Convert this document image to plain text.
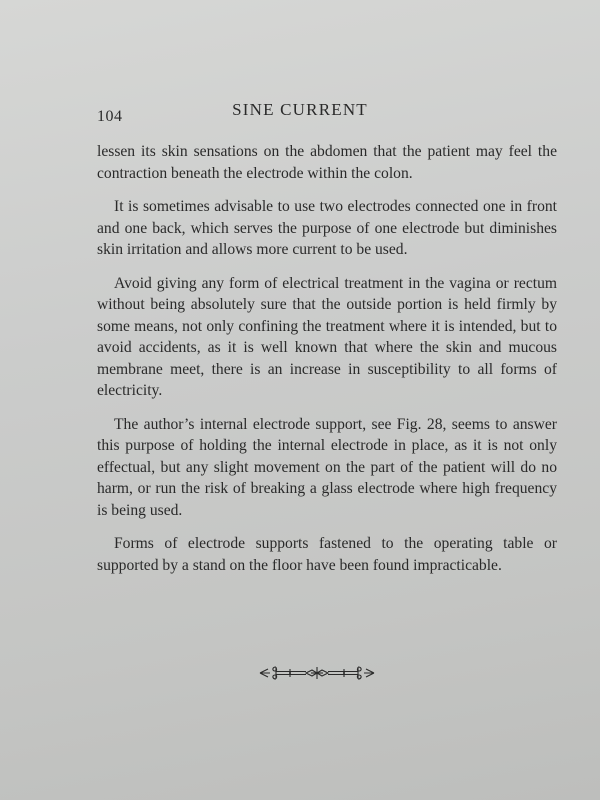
104	SINE CURRENT

lessen its skin sensations on the abdomen that the patient may feel the contraction beneath the electrode within the colon.

It is sometimes advisable to use two electrodes connected one in front and one back, which serves the purpose of one electrode but diminishes skin irritation and allows more current to be used.

Avoid giving any form of electrical treatment in the vagina or rectum without being absolutely sure that the outside portion is held firmly by some means, not only confining the treatment where it is intended, but to avoid accidents, as it is well known that where the skin and mucous membrane meet, there is an increase in susceptibility to all forms of electricity.

The author’s internal electrode support, see Fig. 28, seems to answer this purpose of holding the internal electrode in place, as it is not only effectual, but any slight movement on the part of the patient will do no harm, or run the risk of breaking a glass electrode where high frequency is being used.

Forms of electrode supports fastened to the operating table or supported by a stand on the floor have been found impracticable.
